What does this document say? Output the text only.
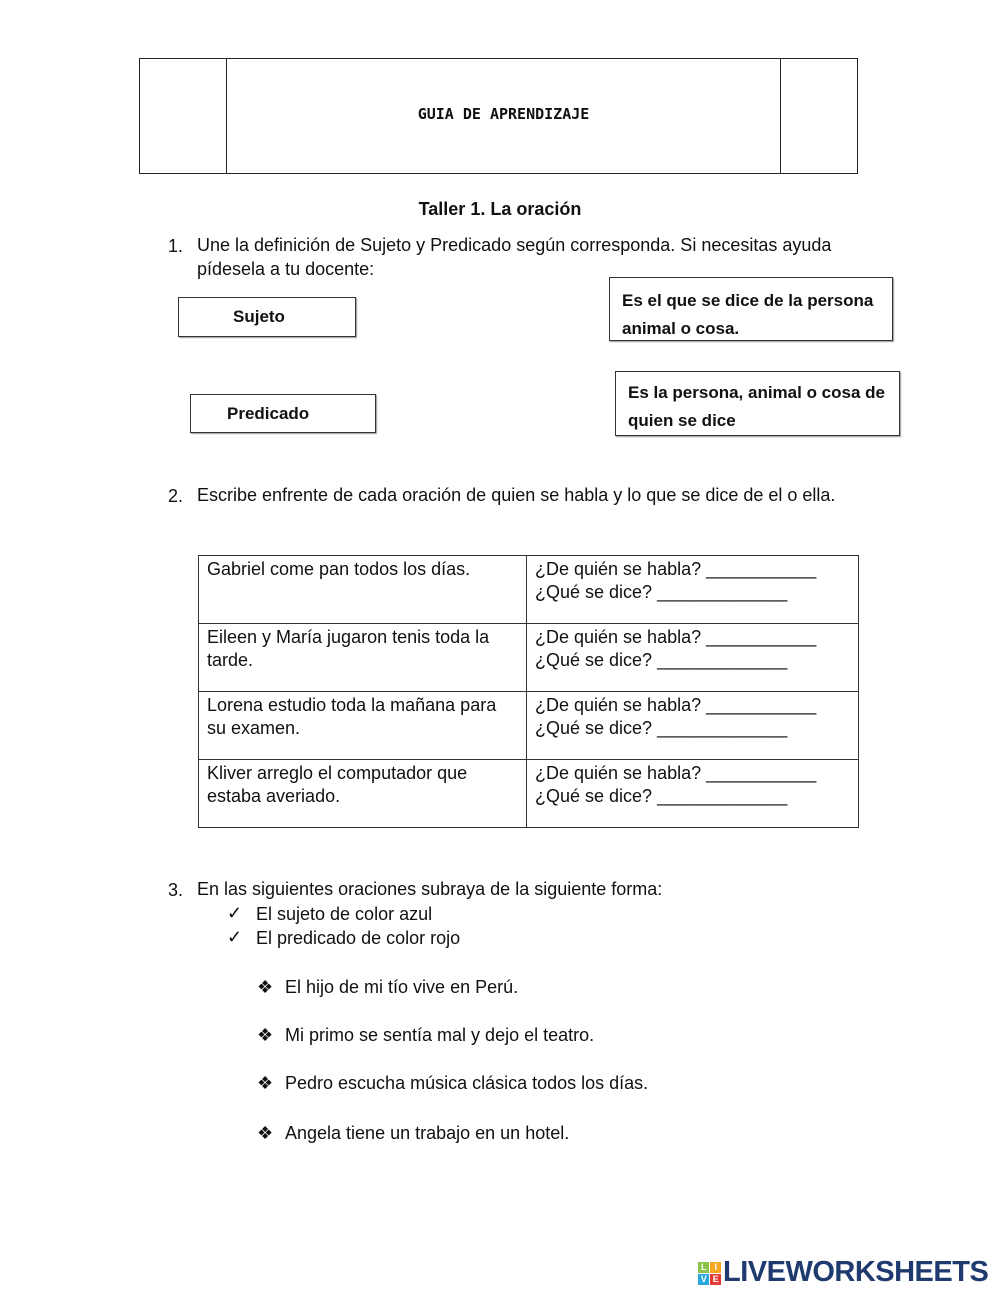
GUIA DE APRENDIZAJE
Taller 1. La oración
1. Une la definición de Sujeto y Predicado según corresponda. Si necesitas ayuda pídesela a tu docente:
Sujeto
Predicado
Es el que se dice de la persona animal o cosa.
Es la persona, animal o cosa de quien se dice
2. Escribe enfrente de cada oración de quien se habla y lo que se dice de el o ella.
Gabriel come pan todos los días.	¿De quién se habla? ___________
¿Qué se dice? _____________

Eileen y María jugaron tenis toda la tarde.	¿De quién se habla? ___________
¿Qué se dice? _____________

Lorena estudio toda la mañana para su examen.	¿De quién se habla? ___________
¿Qué se dice? _____________

Kliver arreglo el computador que estaba averiado.	¿De quién se habla? ___________
¿Qué se dice? _____________
3. En las siguientes oraciones subraya de la siguiente forma:
✓ El sujeto de color azul
✓ El predicado de color rojo
❖ El hijo de mi tío vive en Perú.
❖ Mi primo se sentía mal y dejo el teatro.
❖ Pedro escucha música clásica todos los días.
❖ Angela tiene un trabajo en un hotel.
L I
V E LIVEWORKSHEETS
